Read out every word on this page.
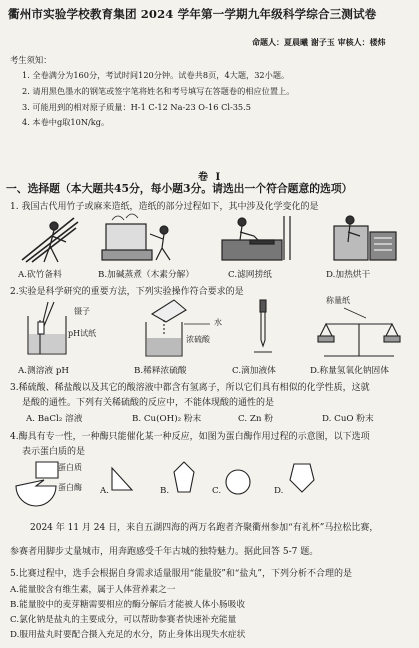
衢州市实验学校教育集团 2024 学年第一学期九年级科学综合三测试卷
命题人：夏晨曦 谢子玉 审核人：楼炜
考生须知：
1. 全卷满分为160分，考试时间120分钟。试卷共8页，4大题，32小题。
2. 请用黑色墨水的钢笔或签字笔将姓名和考号填写在答题卷的相应位置上。
3. 可能用到的相对原子质量：H-1 C-12 Na-23 O-16 Cl-35.5
4. 本卷中g取10N/kg。
卷 I
一、选择题（本大题共45分，每小题3分。请选出一个符合题意的选项）
1. 我国古代用竹子或麻来造纸，造纸的部分过程如下，其中涉及化学变化的是
A.砍竹备料	B.加碱蒸煮（木素分解）	C.滤网捞纸	D.加热烘干
2.实验是科学研究的重要方法，下列实验操作符合要求的是
镊子
pH试纸
水
浓硫酸
称量纸
A.测溶液 pH	B.稀释浓硫酸	C.滴加液体	D.称量氢氧化钠固体
3.稀硫酸、稀盐酸以及其它的酸溶液中都含有氢离子，所以它们具有相似的化学性质，这就
是酸的通性。下列有关稀硫酸的反应中，不能体现酸的通性的是
A. BaCl₂ 溶液	B. Cu(OH)₂ 粉末	C. Zn 粉	D. CuO 粉末
4.酶具有专一性，一种酶只能催化某一种反应，如图为蛋白酶作用过程的示意图，以下选项
表示蛋白质的是
蛋白质
蛋白酶 A.	B.	C.	D.
2024 年 11 月 24 日，来自五湖四海的两万名跑者齐聚衢州参加“有礼杯”马拉松比赛，
参赛者用脚步丈量城市，用奔跑感受千年古城的独特魅力。据此回答 5-7 题。
5.比赛过程中，选手会根据自身需求适量服用“能量胶”和“盐丸”，下列分析不合理的是
A.能量胶含有维生素，属于人体营养素之一
B.能量胶中的麦芽糖需要相应的酶分解后才能被人体小肠吸收
C.氯化钠是盐丸的主要成分，可以帮助参赛者快速补充能量
D.服用盐丸时要配合摄入充足的水分，防止身体出现失水症状
